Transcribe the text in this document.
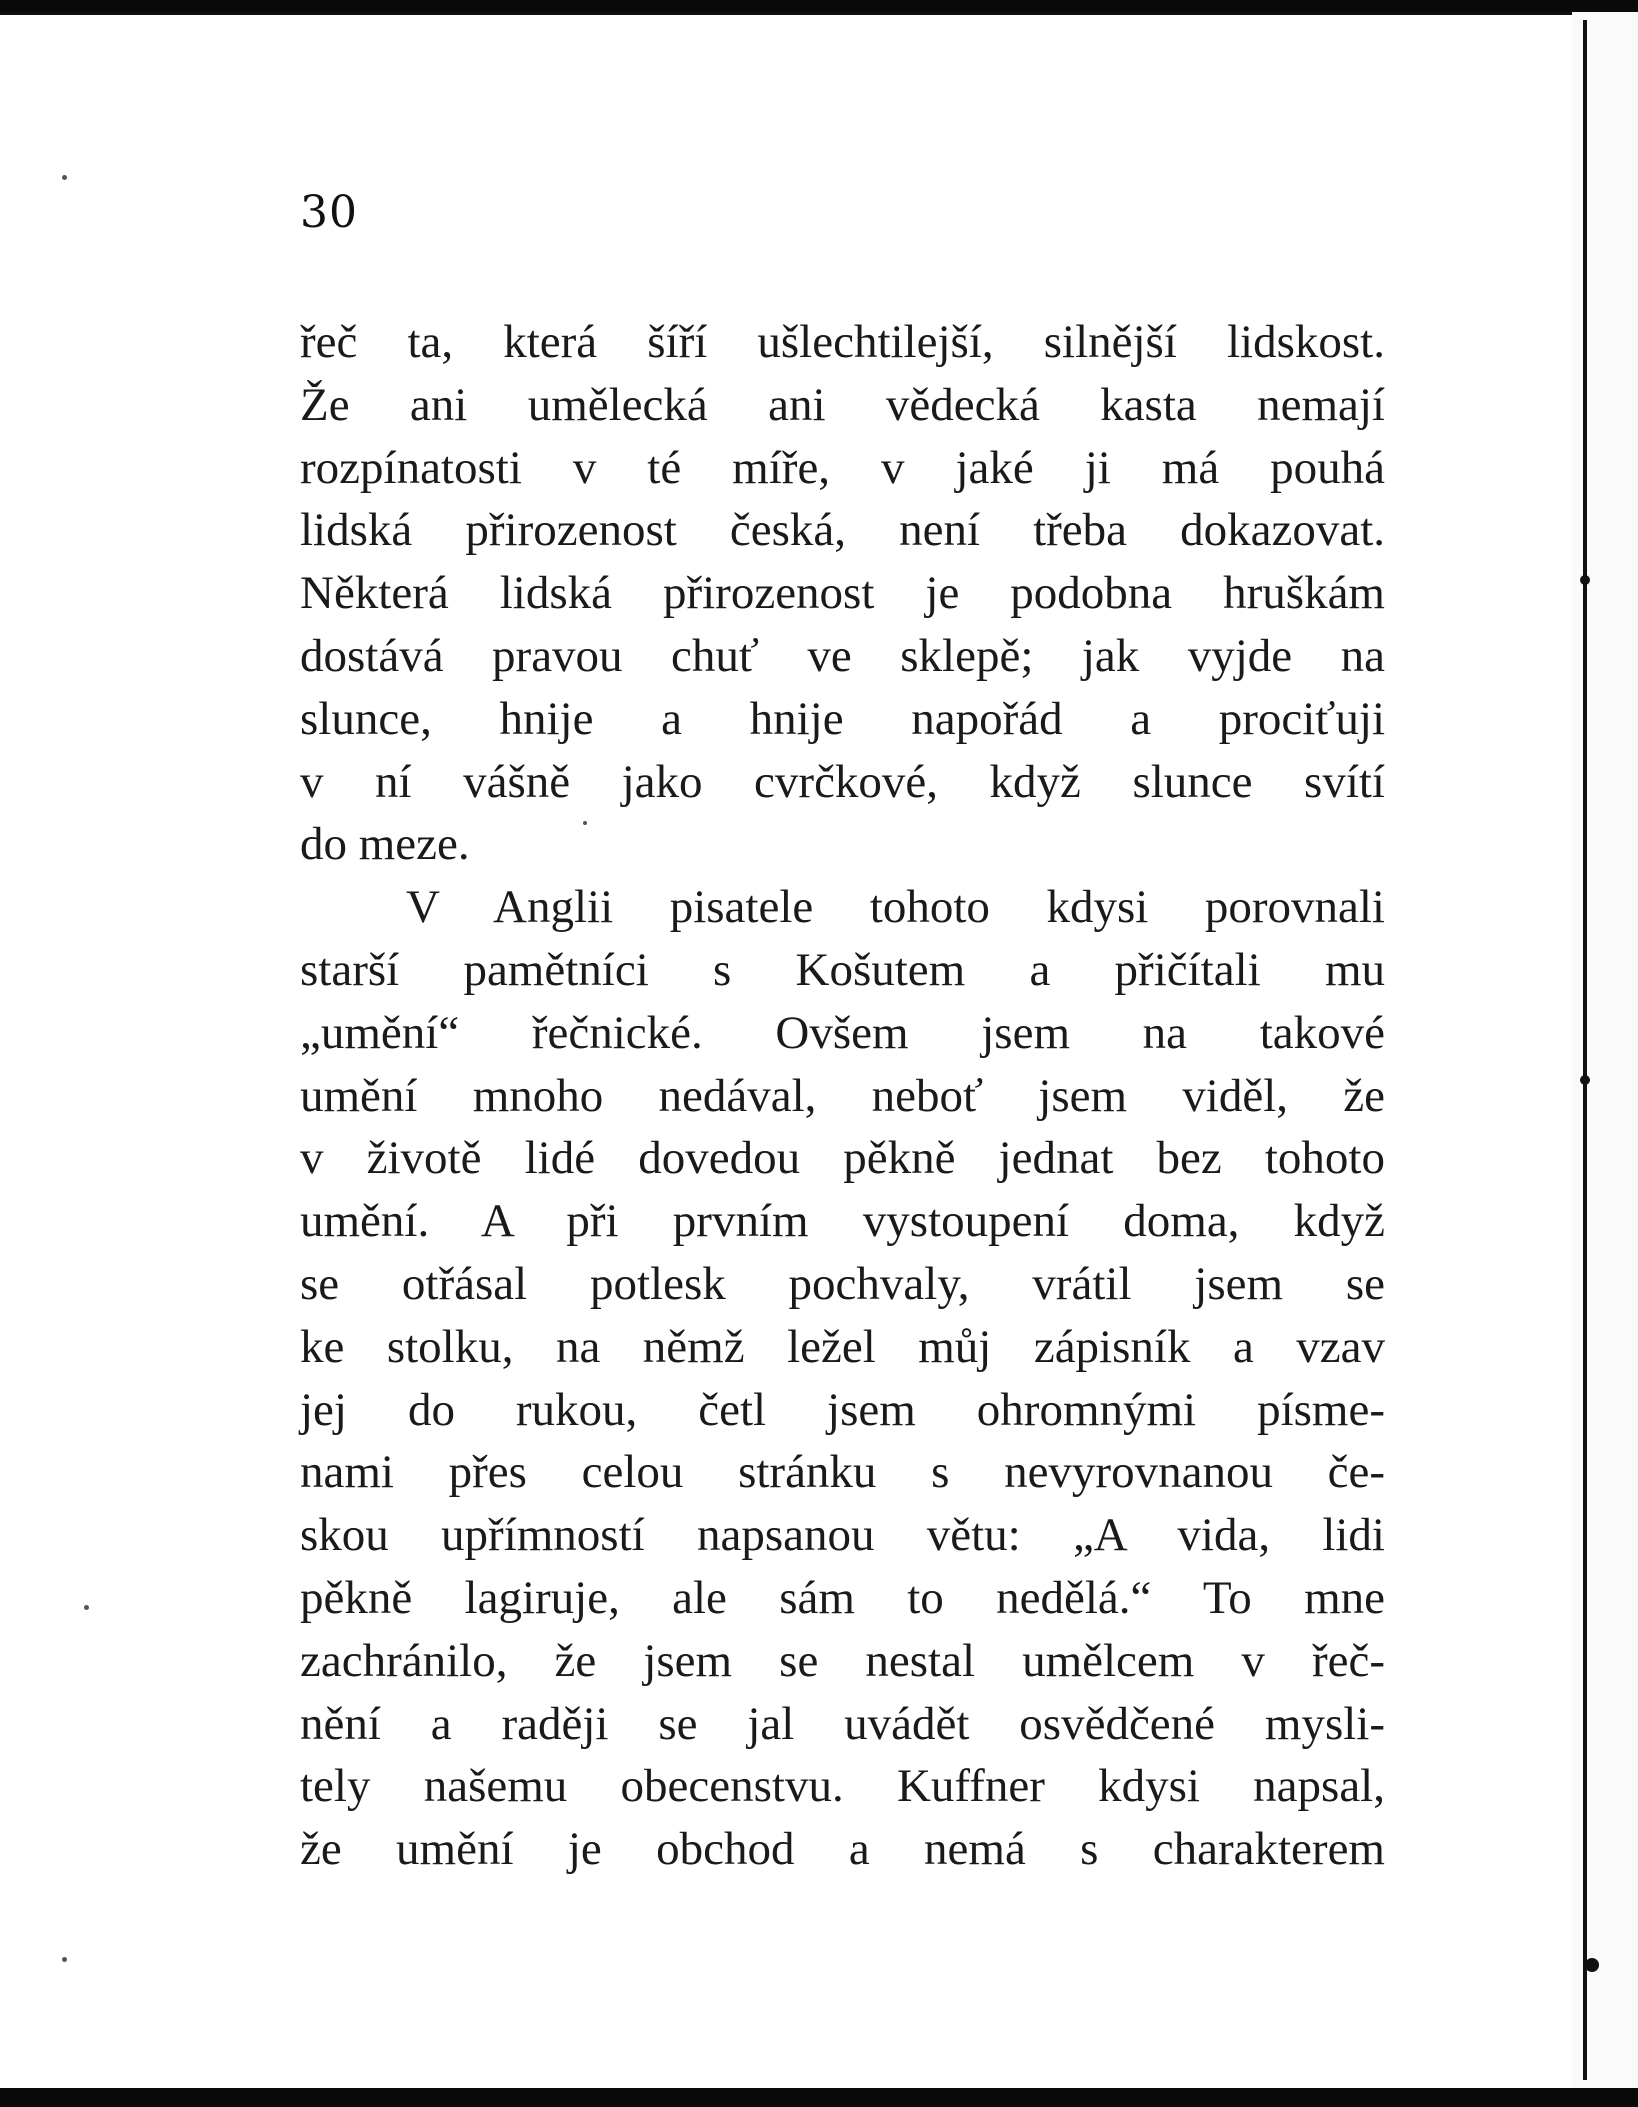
30
řeč ta, která šíří ušlechtilejší, silnější lidskost.
Že ani umělecká ani vědecká kasta nemají
rozpínatosti v té míře, v jaké ji má pouhá
lidská přirozenost česká, není třeba dokazovat.
Některá lidská přirozenost je podobna hruškám
dostává pravou chuť ve sklepě; jak vyjde na
slunce, hnije a hnije napořád a prociťuji
v ní vášně jako cvrčkové, když slunce svítí
do meze.
V Anglii pisatele tohoto kdysi porovnali
starší pamětníci s Košutem a přičítali mu
„umění“ řečnické. Ovšem jsem na takové
umění mnoho nedával, neboť jsem viděl, že
v životě lidé dovedou pěkně jednat bez tohoto
umění. A při prvním vystoupení doma, když
se otřásal potlesk pochvaly, vrátil jsem se
ke stolku, na němž ležel můj zápisník a vzav
jej do rukou, četl jsem ohromnými písme-
nami přes celou stránku s nevyrovnanou če-
skou upřímností napsanou větu: „A vida, lidi
pěkně lagiruje, ale sám to nedělá.“ To mne
zachránilo, že jsem se nestal umělcem v řeč-
nění a raději se jal uvádět osvědčené mysli-
tely našemu obecenstvu. Kuffner kdysi napsal,
že umění je obchod a nemá s charakterem
